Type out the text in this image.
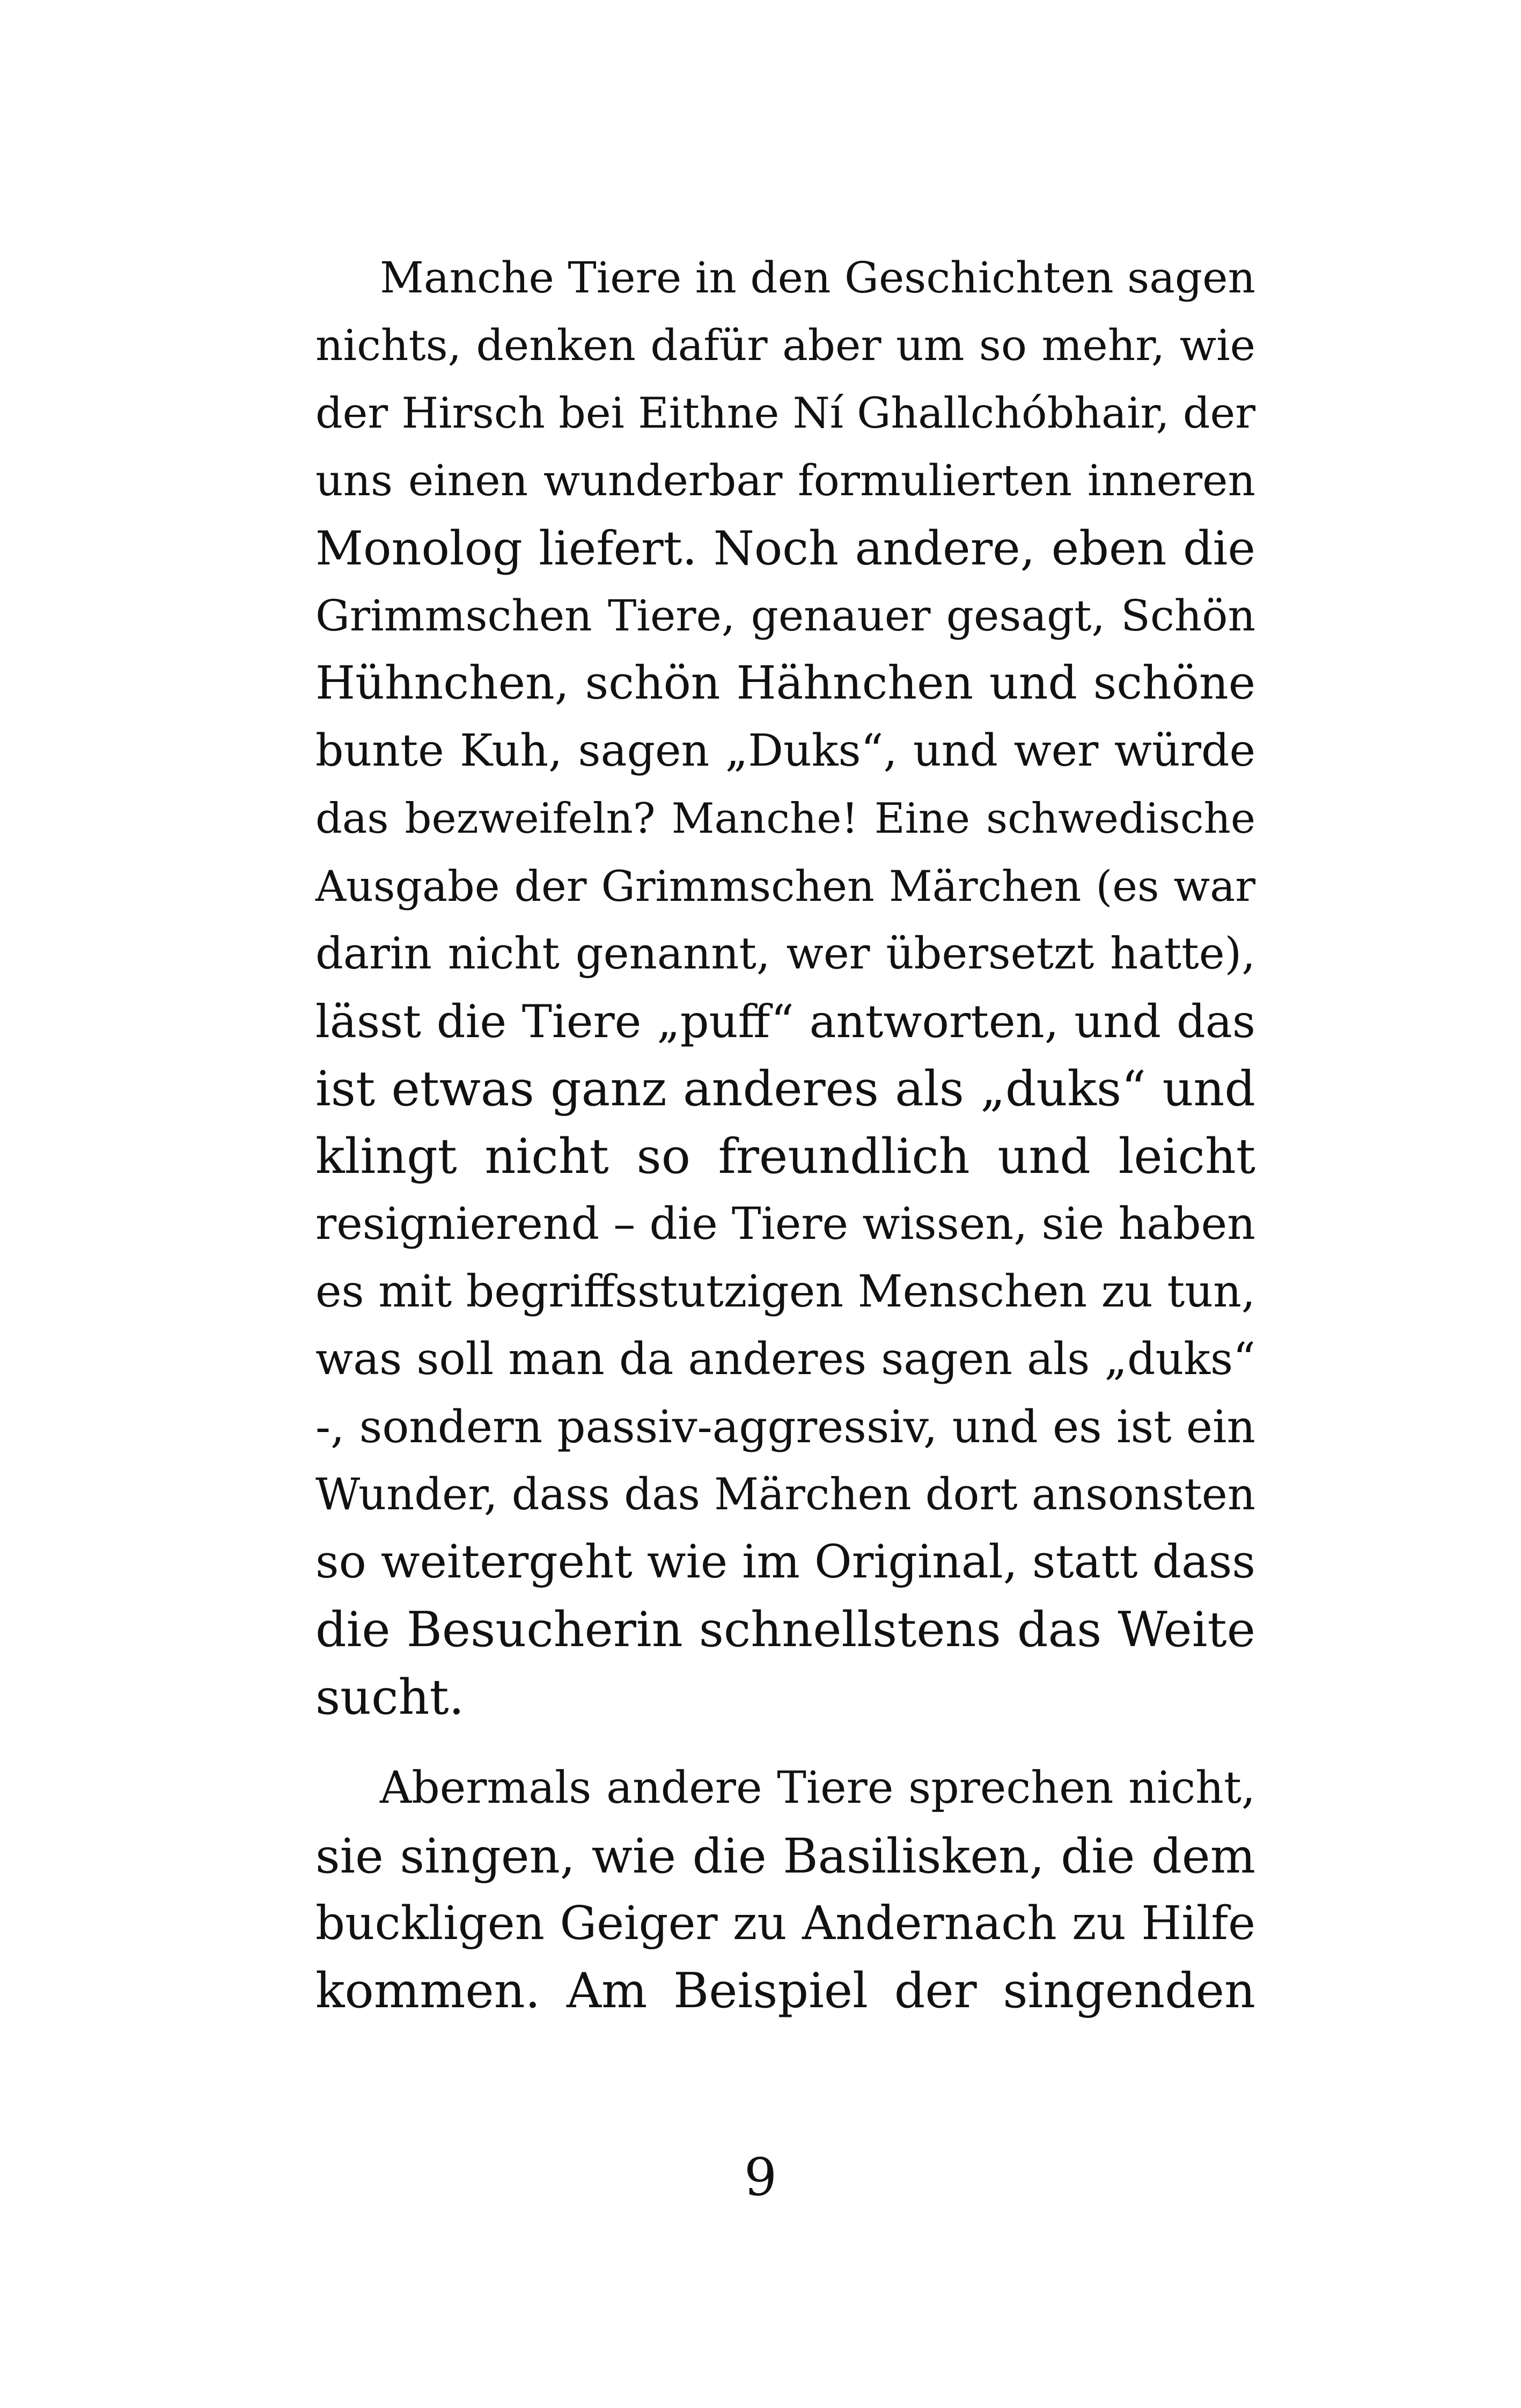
Manche Tiere in den Geschichten sagen
nichts, denken dafür aber um so mehr, wie
der Hirsch bei Eithne Ní Ghallchóbhair, der
uns einen wunderbar formulierten inneren
Monolog liefert. Noch andere, eben die
Grimmschen Tiere, genauer gesagt, Schön
Hühnchen, schön Hähnchen und schöne
bunte Kuh, sagen „Duks“, und wer würde
das bezweifeln? Manche! Eine schwedische
Ausgabe der Grimmschen Märchen (es war
darin nicht genannt, wer übersetzt hatte),
lässt die Tiere „puff“ antworten, und das
ist etwas ganz anderes als „duks“ und
klingt nicht so freundlich und leicht
resignierend – die Tiere wissen, sie haben
es mit begriffsstutzigen Menschen zu tun,
was soll man da anderes sagen als „duks“
-, sondern passiv-aggressiv, und es ist ein
Wunder, dass das Märchen dort ansonsten
so weitergeht wie im Original, statt dass
die Besucherin schnellstens das Weite
sucht.
Abermals andere Tiere sprechen nicht,
sie singen, wie die Basilisken, die dem
buckligen Geiger zu Andernach zu Hilfe
kommen. Am Beispiel der singenden
9
